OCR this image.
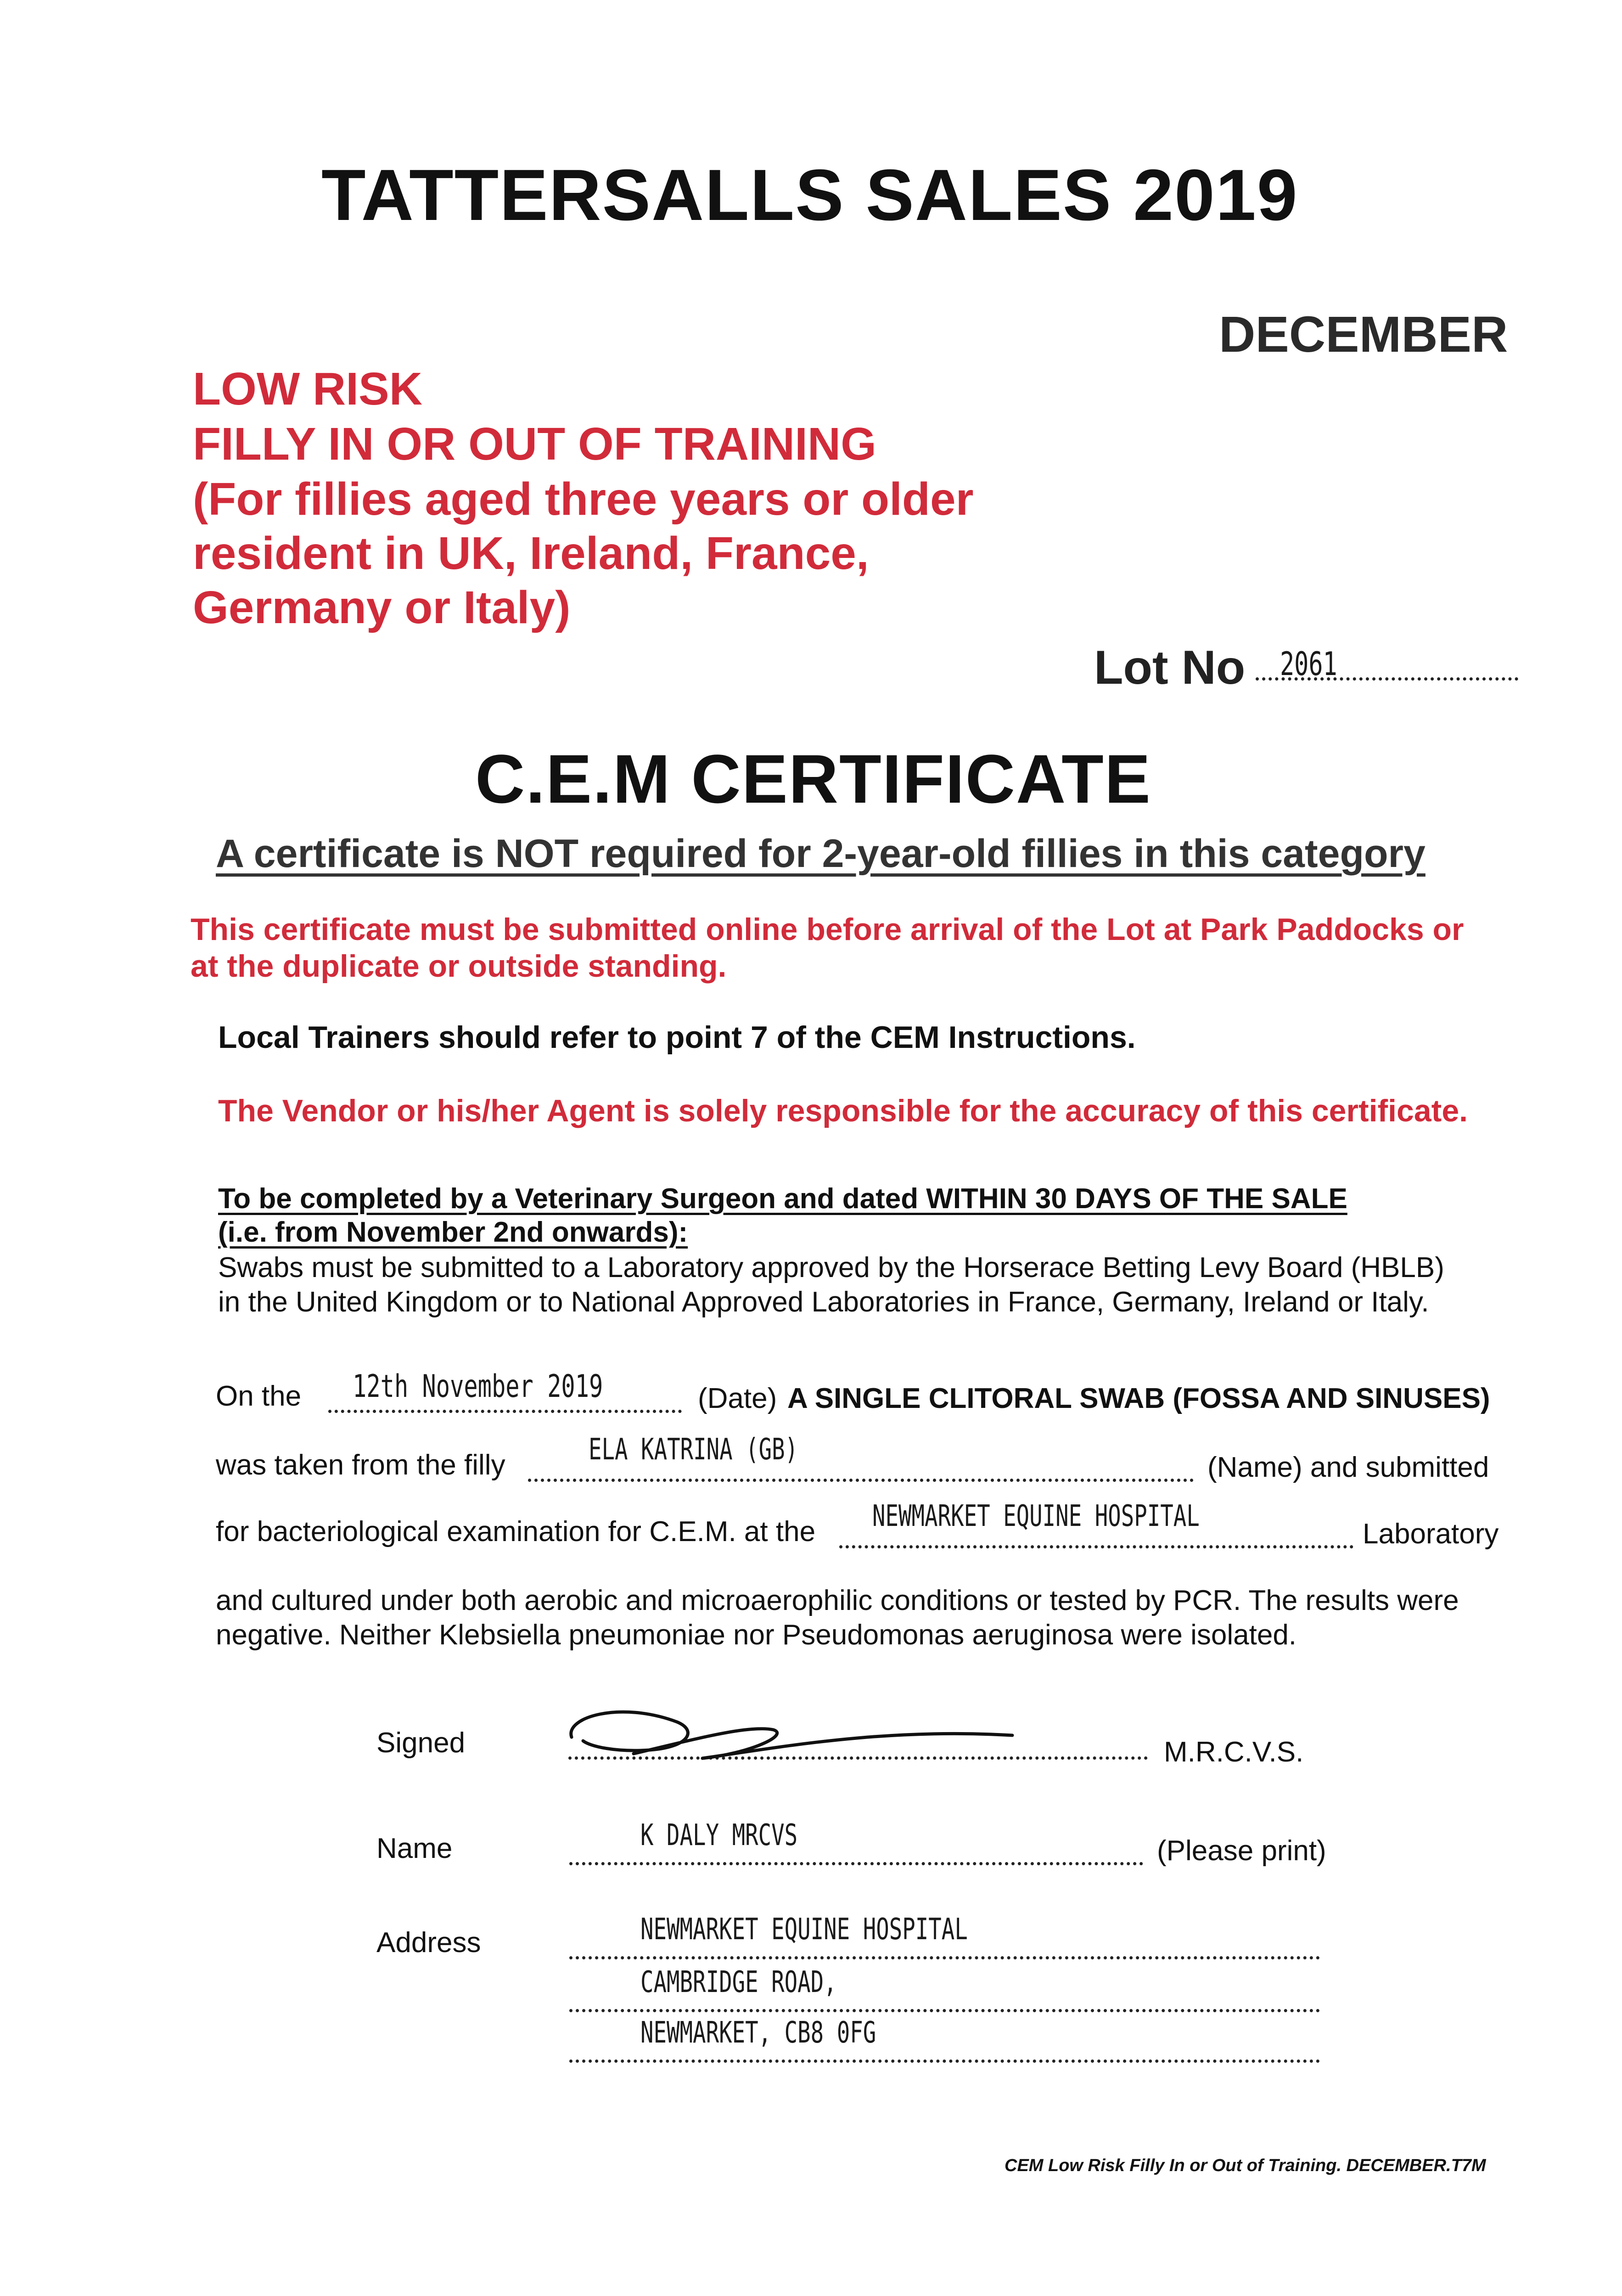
TATTERSALLS SALES 2019
DECEMBER
LOW RISK
FILLY IN OR OUT OF TRAINING
(For fillies aged three years or older
resident in UK, Ireland, France,
Germany or Italy)
Lot No 2061
C.E.M CERTIFICATE
A certificate is NOT required for 2-year-old fillies in this category
This certificate must be submitted online before arrival of the Lot at Park Paddocks or
at the duplicate or outside standing.
Local Trainers should refer to point 7 of the CEM Instructions.
The Vendor or his/her Agent is solely responsible for the accuracy of this certificate.
To be completed by a Veterinary Surgeon and dated WITHIN 30 DAYS OF THE SALE
(i.e. from November 2nd onwards):
Swabs must be submitted to a Laboratory approved by the Horserace Betting Levy Board (HBLB)
in the United Kingdom or to National Approved Laboratories in France, Germany, Ireland or Italy.
On the 12th November 2019	(Date) A SINGLE CLITORAL SWAB (FOSSA AND SINUSES)
was taken from the filly	ELA KATRINA (GB)
(Name) and submitted
for bacteriological examination for C.E.M. at the NEWMARKET EQUINE HOSPITAL
Laboratory
and cultured under both aerobic and microaerophilic conditions or tested by PCR. The results were
negative. Neither Klebsiella pneumoniae nor Pseudomonas aeruginosa were isolated.
Signed	M.R.C.V.S.
Name	K DALY MRCVS	(Please print)
Address	NEWMARKET EQUINE HOSPITAL
CAMBRIDGE ROAD,
NEWMARKET, CB8 0FG
CEM Low Risk Filly In or Out of Training. DECEMBER.T7M
